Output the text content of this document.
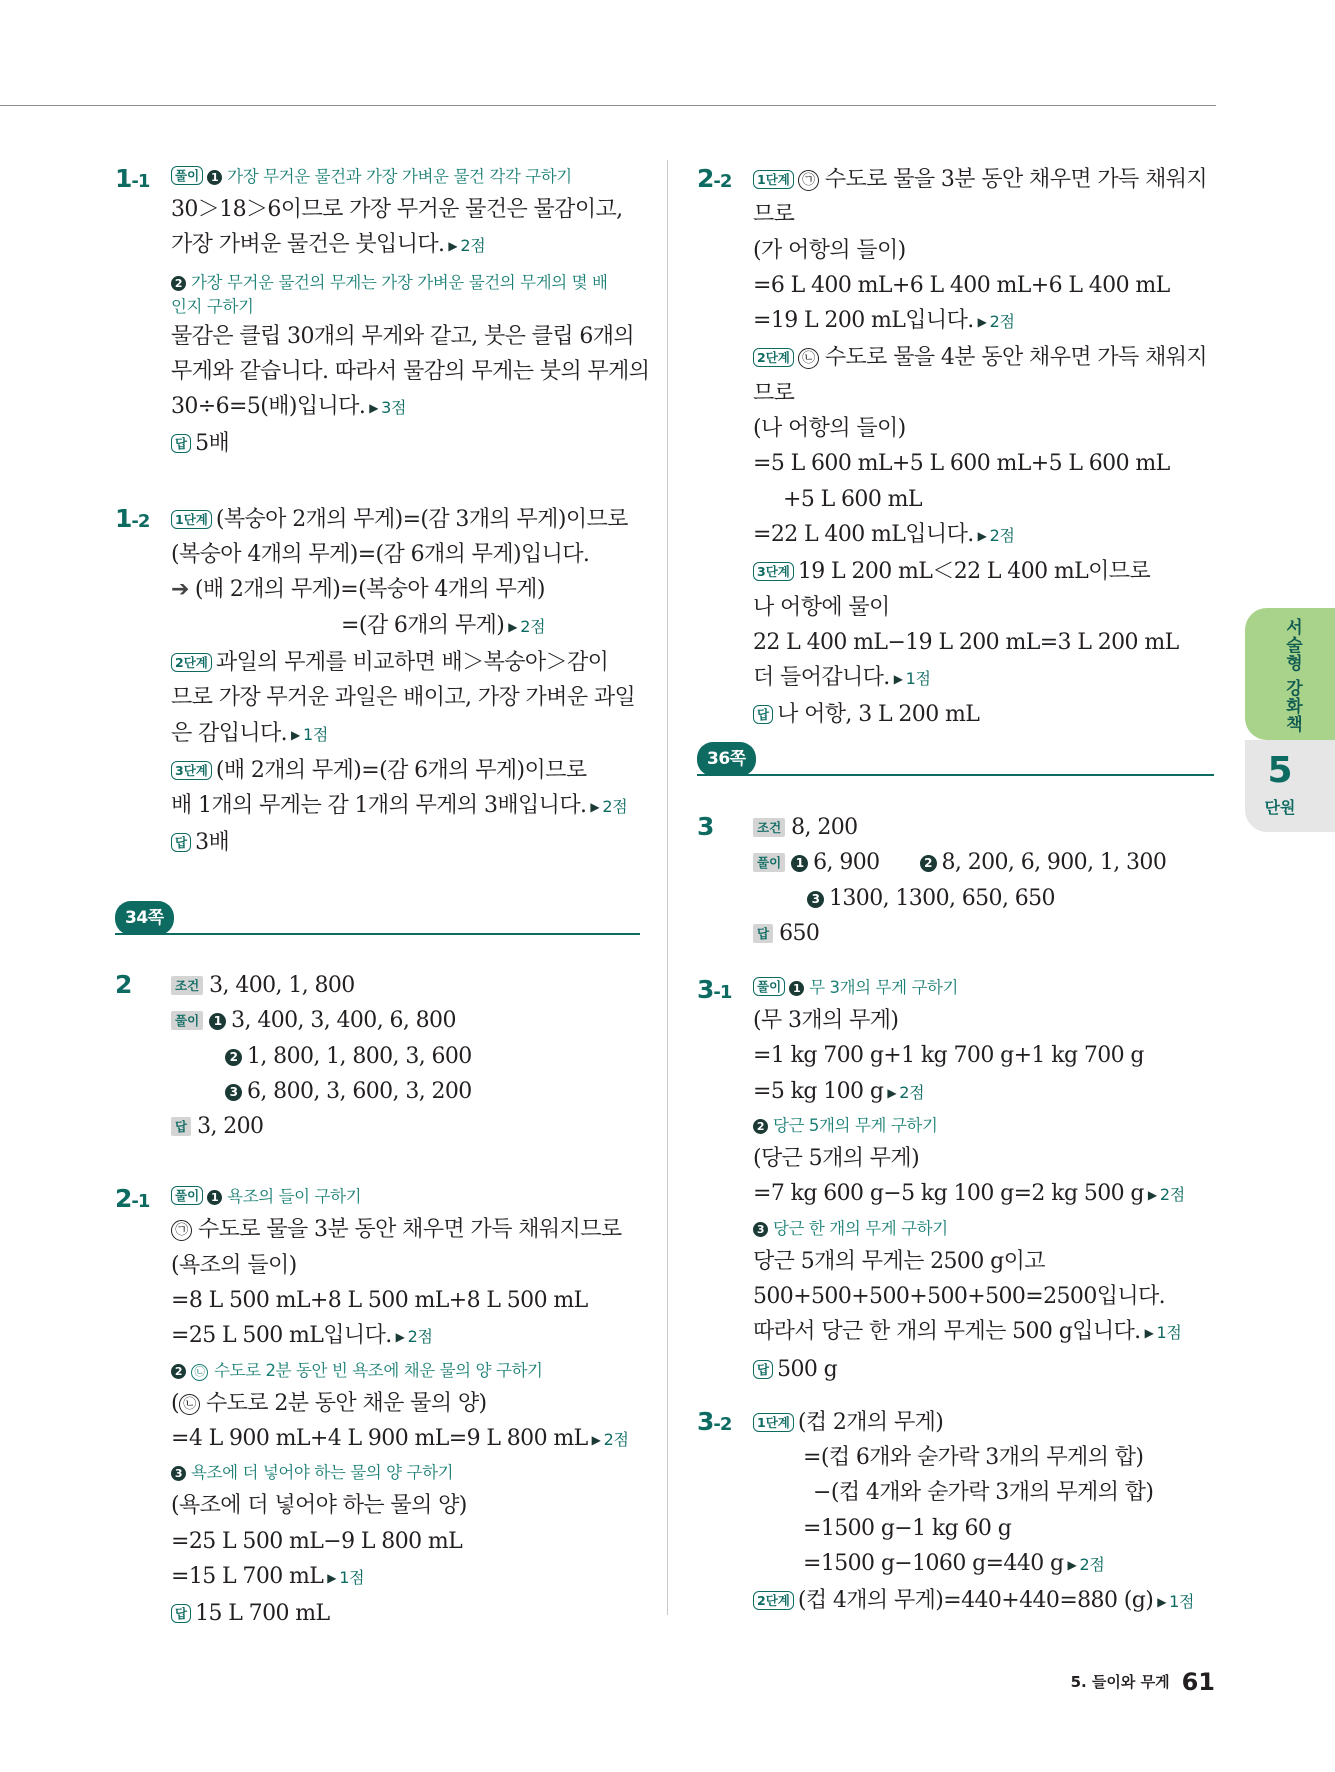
1-1	풀이 1 가장 무거운 물건과 가장 가벼운 물건 각각 구하기
30＞18＞6이므로 가장 무거운 물건은 물감이고,
가장 가벼운 물건은 붓입니다. ▶ 2점
2 가장 무거운 물건의 무게는 가장 가벼운 물건의 무게의 몇 배
인지 구하기
물감은 클립 30개의 무게와 같고, 붓은 클립 6개의
무게와 같습니다. 따라서 물감의 무게는 붓의 무게의
30÷6=5(배)입니다. ▶ 3점
답 5배
1-2	1단계 (복숭아 2개의 무게)=(감 3개의 무게)이므로
(복숭아 4개의 무게)=(감 6개의 무게)입니다.
➔ (배 2개의 무게)=(복숭아 4개의 무게)
=(감 6개의 무게) ▶ 2점
2단계 과일의 무게를 비교하면 배＞복숭아＞감이
므로 가장 무거운 과일은 배이고, 가장 가벼운 과일
은 감입니다. ▶ 1점
3단계 (배 2개의 무게)=(감 6개의 무게)이므로
배 1개의 무게는 감 1개의 무게의 3배입니다. ▶ 2점
답 3배
34쪽
2	조건 3, 400, 1, 800
풀이 1 3, 400, 3, 400, 6, 800
2 1, 800, 1, 800, 3, 600
3 6, 800, 3, 600, 3, 200
답 3, 200
2-1	풀이 1 욕조의 들이 구하기
㉠ 수도로 물을 3분 동안 채우면 가득 채워지므로
(욕조의 들이)
=8 L 500 mL+8 L 500 mL+8 L 500 mL
=25 L 500 mL입니다. ▶ 2점
2 ㉡ 수도로 2분 동안 빈 욕조에 채운 물의 양 구하기
( ㉡ 수도로 2분 동안 채운 물의 양)
=4 L 900 mL+4 L 900 mL=9 L 800 mL ▶ 2점
3 욕조에 더 넣어야 하는 물의 양 구하기
(욕조에 더 넣어야 하는 물의 양)
=25 L 500 mL−9 L 800 mL
=15 L 700 mL ▶ 1점
답 15 L 700 mL
2-2	1단계 ㉠ 수도로 물을 3분 동안 채우면 가득 채워지
므로
(가 어항의 들이)
=6 L 400 mL+6 L 400 mL+6 L 400 mL
=19 L 200 mL입니다. ▶ 2점
2단계 ㉡ 수도로 물을 4분 동안 채우면 가득 채워지
므로
(나 어항의 들이)
=5 L 600 mL+5 L 600 mL+5 L 600 mL
+5 L 600 mL
=22 L 400 mL입니다. ▶ 2점
3단계 19 L 200 mL＜22 L 400 mL이므로
나 어항에 물이
22 L 400 mL−19 L 200 mL=3 L 200 mL
더 들어갑니다. ▶ 1점
답 나 어항, 3 L 200 mL
36쪽
3	조건 8, 200
풀이 1 6, 900	2 8, 200, 6, 900, 1, 300
3 1300, 1300, 650, 650
답 650
3-1	풀이 1 무 3개의 무게 구하기
(무 3개의 무게)
=1 kg 700 g+1 kg 700 g+1 kg 700 g
=5 kg 100 g ▶ 2점
2 당근 5개의 무게 구하기
(당근 5개의 무게)
=7 kg 600 g−5 kg 100 g=2 kg 500 g ▶ 2점
3 당근 한 개의 무게 구하기
당근 5개의 무게는 2500 g이고
500+500+500+500+500=2500입니다.
따라서 당근 한 개의 무게는 500 g입니다. ▶ 1점
답 500 g
3-2	1단계 (컵 2개의 무게)
=(컵 6개와 숟가락 3개의 무게의 합)
−(컵 4개와 숟가락 3개의 무게의 합)
=1500 g−1 kg 60 g
=1500 g−1060 g=440 g ▶ 2점
2단계 (컵 4개의 무게)=440+440=880 (g) ▶ 1점
서술형 강화책
5
단원
5. 들이와 무게 61
